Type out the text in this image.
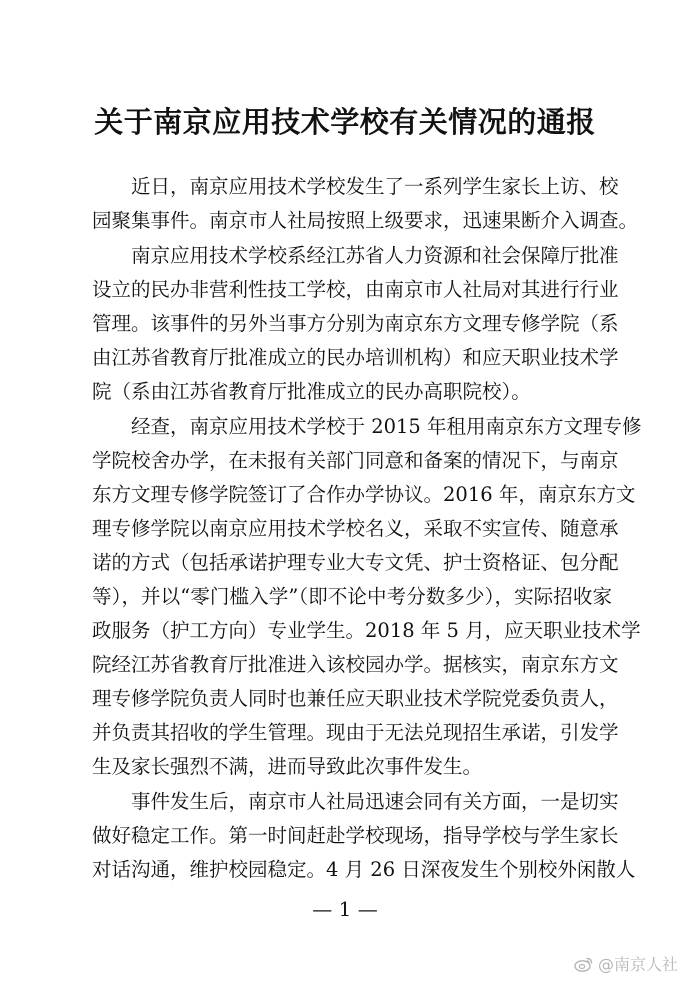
关于南京应用技术学校有关情况的通报

近日，南京应用技术学校发生了一系列学生家长上访、校
园聚集事件。南京市人社局按照上级要求，迅速果断介入调查。

南京应用技术学校系经江苏省人力资源和社会保障厅批准
设立的民办非营利性技工学校，由南京市人社局对其进行行业
管理。该事件的另外当事方分别为南京东方文理专修学院（系
由江苏省教育厅批准成立的民办培训机构）和应天职业技术学
院（系由江苏省教育厅批准成立的民办高职院校）。

经查，南京应用技术学校于 2015 年租用南京东方文理专修
学院校舍办学，在未报有关部门同意和备案的情况下，与南京
东方文理专修学院签订了合作办学协议。2016 年，南京东方文
理专修学院以南京应用技术学校名义，采取不实宣传、随意承
诺的方式（包括承诺护理专业大专文凭、护士资格证、包分配
等），并以“零门槛入学”（即不论中考分数多少），实际招收家
政服务（护工方向）专业学生。2018 年 5 月，应天职业技术学
院经江苏省教育厅批准进入该校园办学。据核实，南京东方文
理专修学院负责人同时也兼任应天职业技术学院党委负责人，
并负责其招收的学生管理。现由于无法兑现招生承诺，引发学
生及家长强烈不满，进而导致此次事件发生。

事件发生后，南京市人社局迅速会同有关方面，一是切实
做好稳定工作。第一时间赶赴学校现场，指导学校与学生家长
对话沟通，维护校园稳定。4 月 26 日深夜发生个别校外闲散人

— 1 —
@南京人社
